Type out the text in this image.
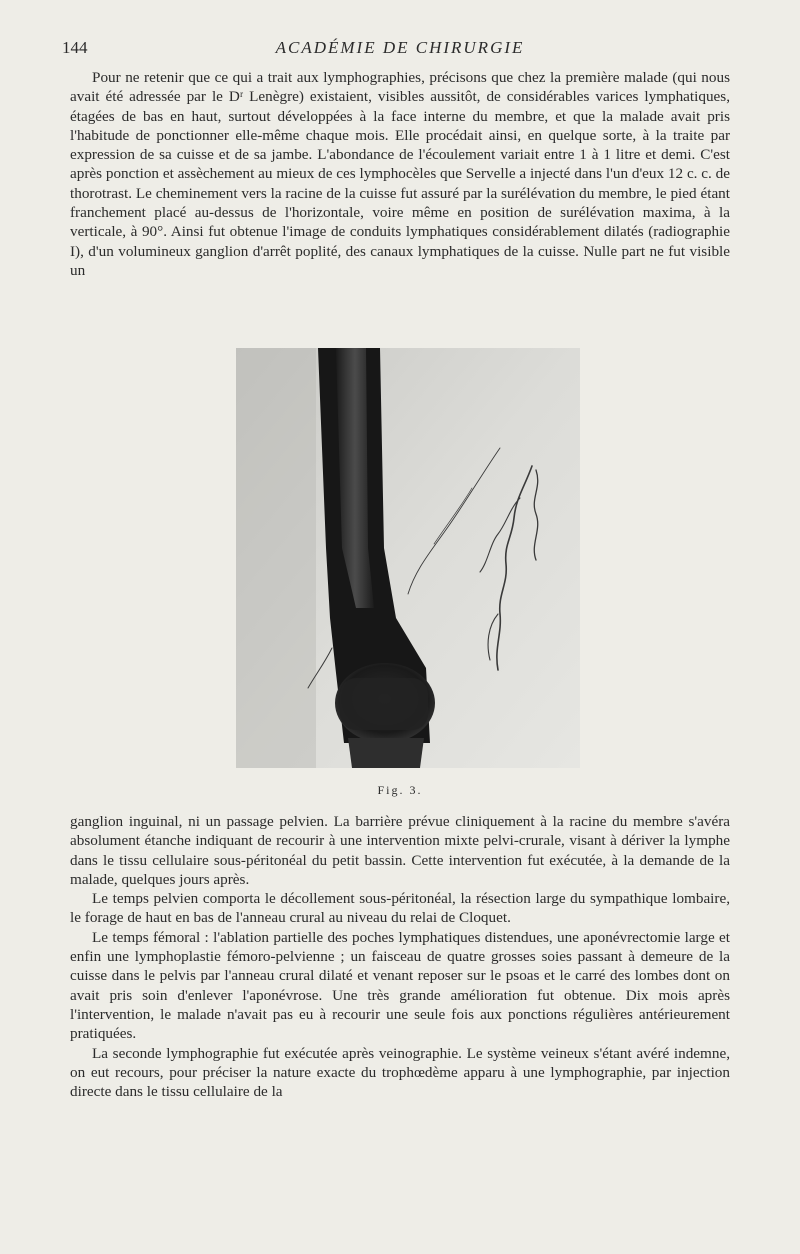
144	ACADÉMIE DE CHIRURGIE

Pour ne retenir que ce qui a trait aux lymphographies, précisons que chez la première malade (qui nous avait été adressée par le Dʳ Lenègre) existaient, visibles aussitôt, de considérables varices lymphatiques, étagées de bas en haut, surtout développées à la face interne du membre, et que la malade avait pris l'habitude de ponctionner elle-même chaque mois. Elle procédait ainsi, en quelque sorte, à la traite par expression de sa cuisse et de sa jambe. L'abondance de l'écoulement variait entre 1 à 1 litre et demi. C'est après ponction et assèchement au mieux de ces lymphocèles que Servelle a injecté dans l'un d'eux 12 c. c. de thorotrast. Le cheminement vers la racine de la cuisse fut assuré par la surélévation du membre, le pied étant franchement placé au-dessus de l'horizontale, voire même en position de surélévation maxima, à la verticale, à 90°. Ainsi fut obtenue l'image de conduits lymphatiques considérablement dilatés (radiographie I), d'un volumineux ganglion d'arrêt poplité, des canaux lymphatiques de la cuisse. Nulle part ne fut visible un

Fig. 3.

ganglion inguinal, ni un passage pelvien. La barrière prévue cliniquement à la racine du membre s'avéra absolument étanche indiquant de recourir à une intervention mixte pelvi-crurale, visant à dériver la lymphe dans le tissu cellulaire sous-péritonéal du petit bassin. Cette intervention fut exécutée, à la demande de la malade, quelques jours après.

Le temps pelvien comporta le décollement sous-péritonéal, la résection large du sympathique lombaire, le forage de haut en bas de l'anneau crural au niveau du relai de Cloquet.

Le temps fémoral : l'ablation partielle des poches lymphatiques distendues, une aponévrectomie large et enfin une lymphoplastie fémoro-pelvienne ; un faisceau de quatre grosses soies passant à demeure de la cuisse dans le pelvis par l'anneau crural dilaté et venant reposer sur le psoas et le carré des lombes dont on avait pris soin d'enlever l'aponévrose. Une très grande amélioration fut obtenue. Dix mois après l'intervention, le malade n'avait pas eu à recourir une seule fois aux ponctions régulières antérieurement pratiquées.

La seconde lymphographie fut exécutée après veinographie. Le système veineux s'étant avéré indemne, on eut recours, pour préciser la nature exacte du trophœdème apparu à une lymphographie, par injection directe dans le tissu cellulaire de la
